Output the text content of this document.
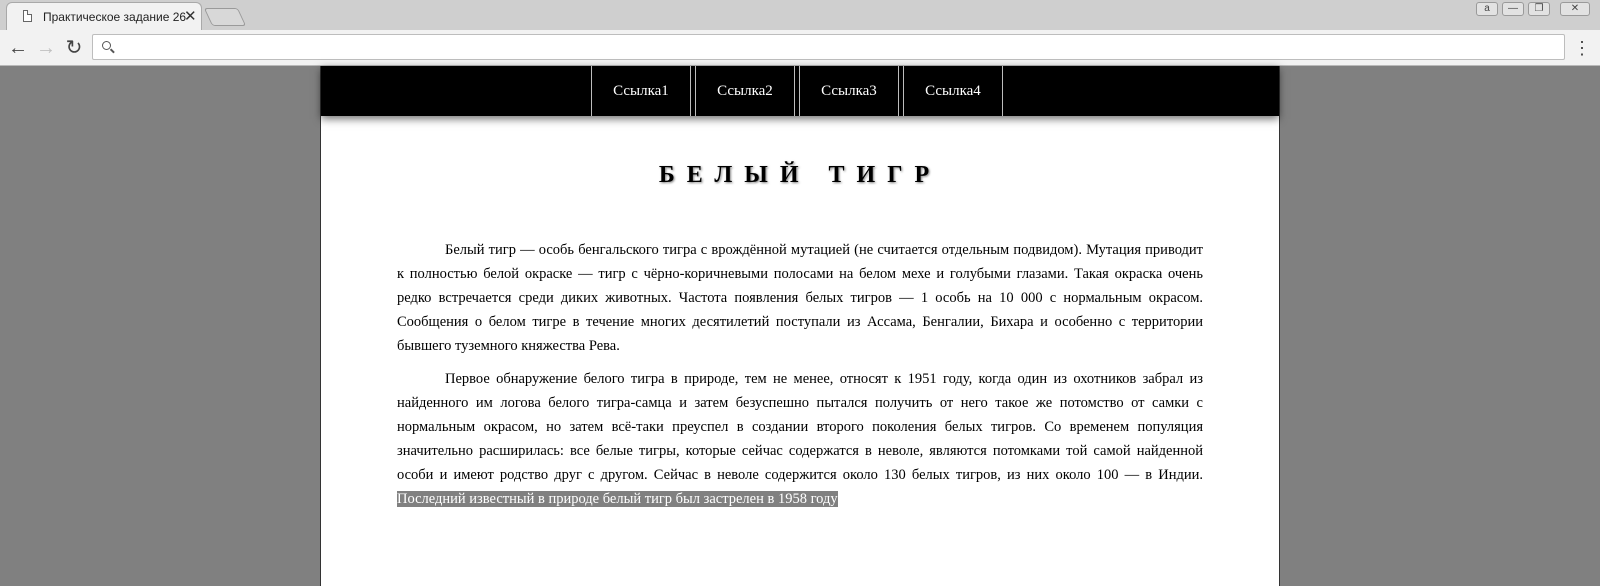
Практическое задание 26
✕	a	—	❐	✕
← → ↻	⋮
Ссылка1	Ссылка2	Ссылка3	Ссылка4
БЕЛЫЙ ТИГР

Белый тигр — особь бенгальского тигра с врождённой мутацией (не считается отдельным подвидом). Мутация приводит к полностью белой окраске — тигр с чёрно-коричневыми полосами на белом мехе и голубыми глазами. Такая окраска очень редко встречается среди диких животных. Частота появления белых тигров — 1 особь на 10 000 с нормальным окрасом. Сообщения о белом тигре в течение многих десятилетий поступали из Ассама, Бенгалии, Бихара и особенно с территории бывшего туземного княжества Рева.

Первое обнаружение белого тигра в природе, тем не менее, относят к 1951 году, когда один из охотников забрал из найденного им логова белого тигра-самца и затем безуспешно пытался получить от него такое же потомство от самки с нормальным окрасом, но затем всё-таки преуспел в создании второго поколения белых тигров. Со временем популяция значительно расширилась: все белые тигры, которые сейчас содержатся в неволе, являются потомками той самой найденной особи и имеют родство друг с другом. Сейчас в неволе содержится около 130 белых тигров, из них около 100 — в Индии. Последний известный в природе белый тигр был застрелен в 1958 году
